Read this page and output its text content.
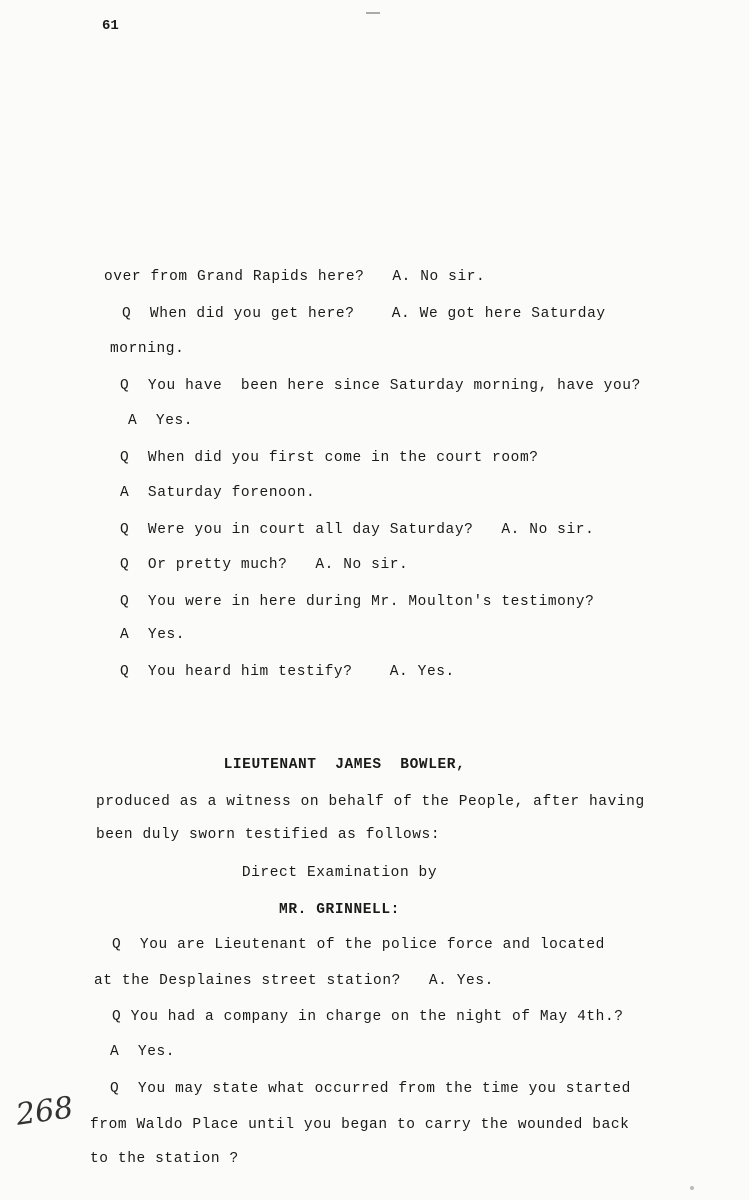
61
over from Grand Rapids here?   A. No sir.
Q  When did you get here?    A. We got here Saturday
morning.
Q  You have  been here since Saturday morning, have you?
A  Yes.
Q  When did you first come in the court room?
A  Saturday forenoon.
Q  Were you in court all day Saturday?   A. No sir.
Q  Or pretty much?   A. No sir.
Q  You were in here during Mr. Moulton's testimony?
A  Yes.
Q  You heard him testify?    A. Yes.
LIEUTENANT  JAMES  BOWLER,
produced as a witness on behalf of the People, after having
been duly sworn testified as follows:
Direct Examination by
MR. GRINNELL:
Q  You are Lieutenant of the police force and located
at the Desplaines street station?   A. Yes.
Q You had a company in charge on the night of May 4th.?
A  Yes.
Q  You may state what occurred from the time you started
from Waldo Place until you began to carry the wounded back
to the station ?
268
